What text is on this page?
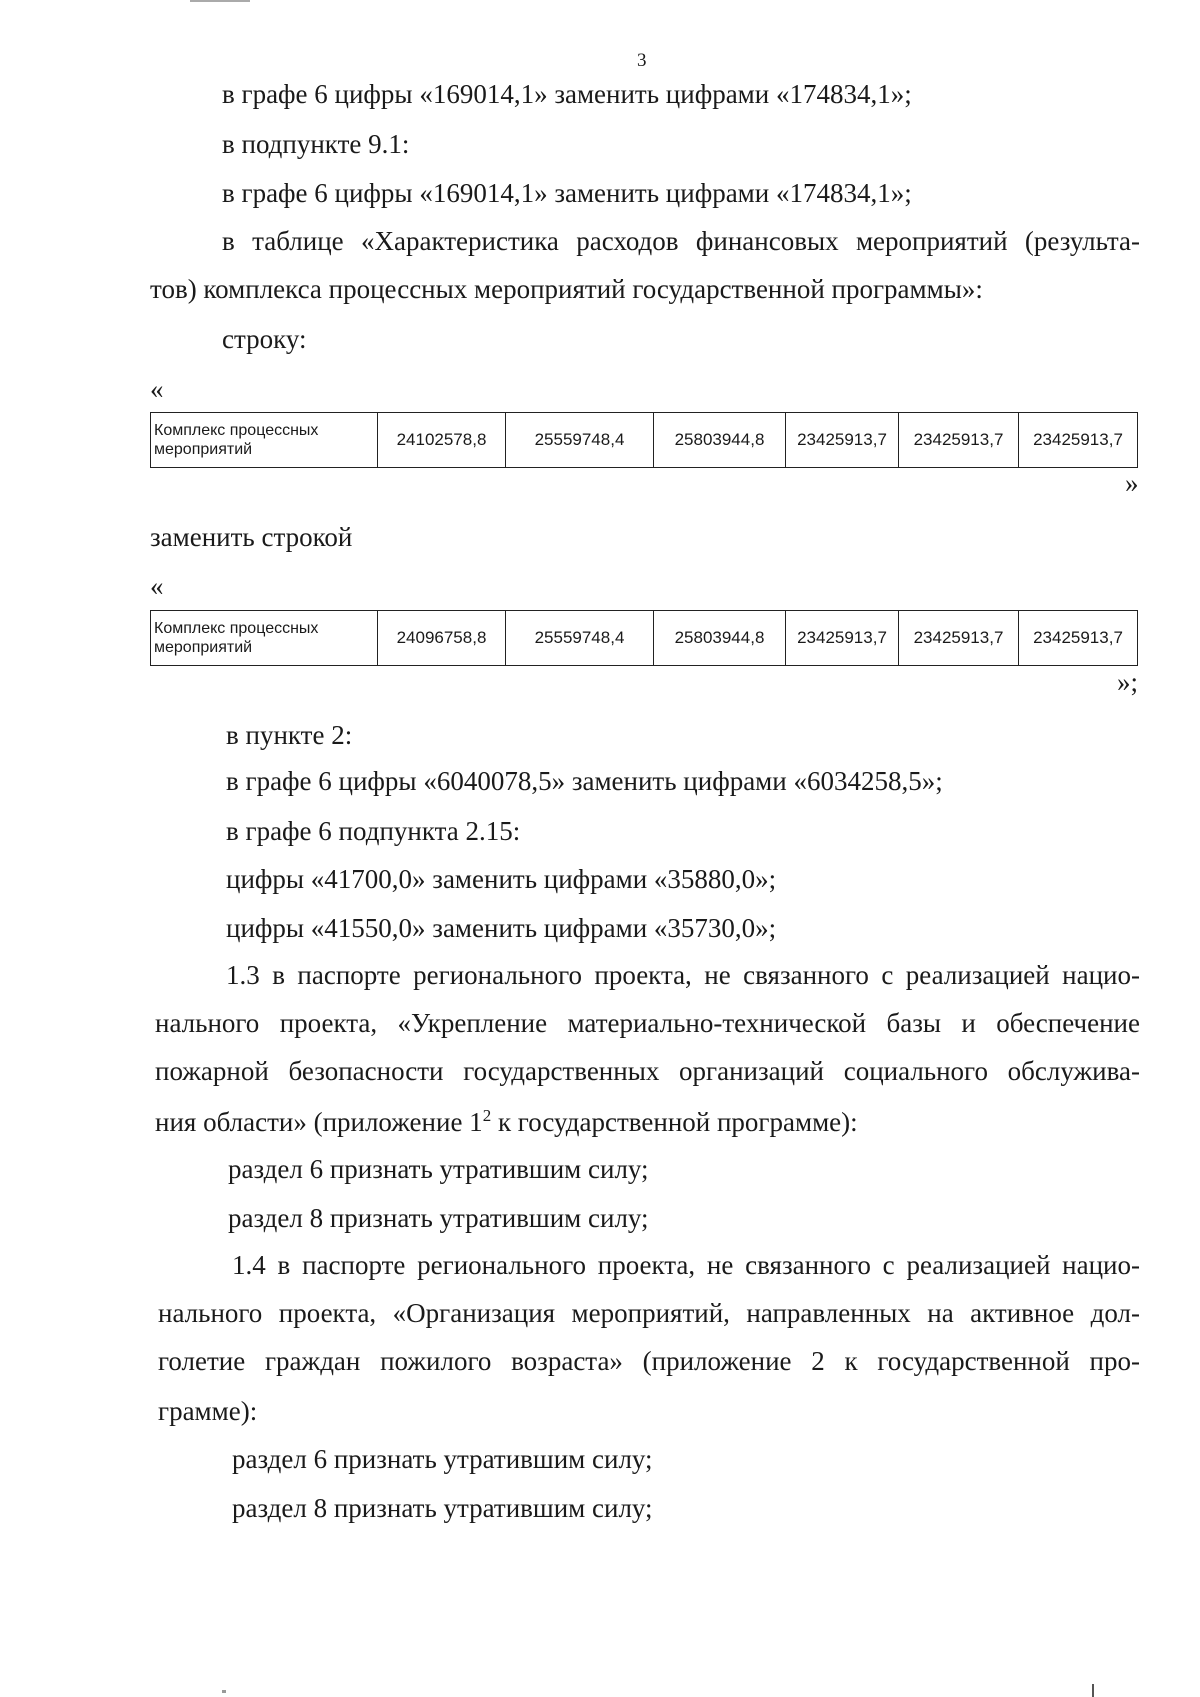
3
в графе 6 цифры «169014,1» заменить цифрами «174834,1»;
в подпункте 9.1:
в графе 6 цифры «169014,1» заменить цифрами «174834,1»;
в таблице «Характеристика расходов финансовых мероприятий (результа-
тов) комплекса процессных мероприятий государственной программы»:
строку:
«
Комплекс процессных мероприятий	24102578,8	25559748,4	25803944,8	23425913,7	23425913,7	23425913,7
»
заменить строкой
«
Комплекс процессных мероприятий	24096758,8	25559748,4	25803944,8	23425913,7	23425913,7	23425913,7
»;
в пункте 2:
в графе 6 цифры «6040078,5» заменить цифрами «6034258,5»;
в графе 6 подпункта 2.15:
цифры «41700,0» заменить цифрами «35880,0»;
цифры «41550,0» заменить цифрами «35730,0»;
1.3 в паспорте регионального проекта, не связанного с реализацией нацио-
нального проекта, «Укрепление материально-технической базы и обеспечение
пожарной безопасности государственных организаций социального обслужива-
ния области» (приложение $1^2$ к государственной программе):
раздел 6 признать утратившим силу;
раздел 8 признать утратившим силу;
1.4 в паспорте регионального проекта, не связанного с реализацией нацио-
нального проекта, «Организация мероприятий, направленных на активное дол-
голетие граждан пожилого возраста» (приложение 2 к государственной про-
грамме):
раздел 6 признать утратившим силу;
раздел 8 признать утратившим силу;
